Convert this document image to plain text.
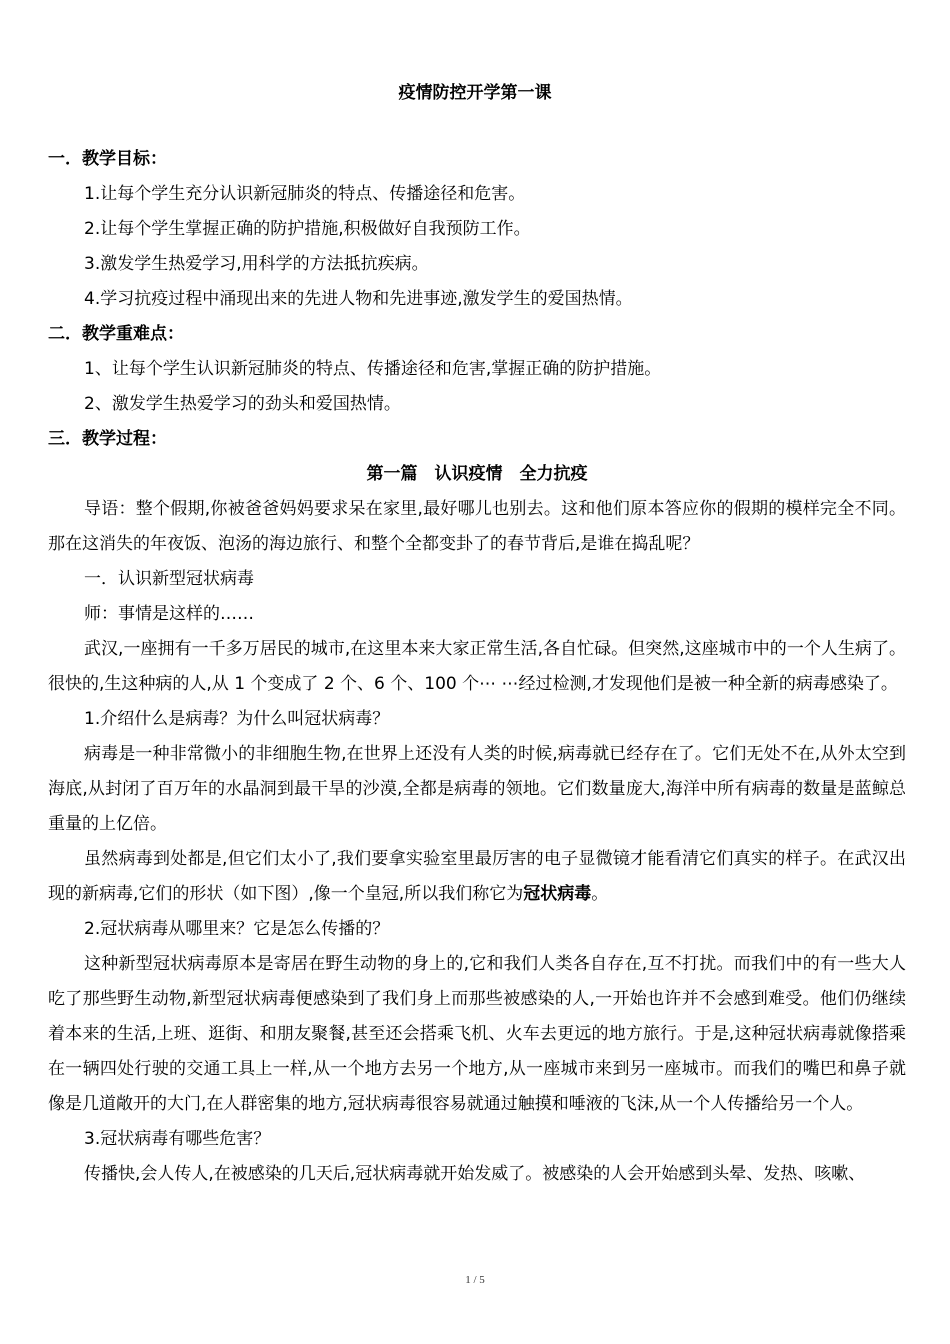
疫情防控开学第一课

一．教学目标：

1.让每个学生充分认识新冠肺炎的特点、传播途径和危害。

2.让每个学生掌握正确的防护措施,积极做好自我预防工作。

3.激发学生热爱学习,用科学的方法抵抗疾病。

4.学习抗疫过程中涌现出来的先进人物和先进事迹,激发学生的爱国热情。

二．教学重难点：

1、让每个学生认识新冠肺炎的特点、传播途径和危害,掌握正确的防护措施。

2、激发学生热爱学习的劲头和爱国热情。

三．教学过程：

第一篇　认识疫情　全力抗疫

导语：整个假期,你被爸爸妈妈要求呆在家里,最好哪儿也别去。这和他们原本答应你的假期的模样完全不同。那在这消失的年夜饭、泡汤的海边旅行、和整个全都变卦了的春节背后,是谁在捣乱呢？

一．认识新型冠状病毒

师：事情是这样的……

武汉,一座拥有一千多万居民的城市,在这里本来大家正常生活,各自忙碌。但突然,这座城市中的一个人生病了。很快的,生这种病的人,从 1 个变成了 2 个、6 个、100 个⋯ ⋯经过检测,才发现他们是被一种全新的病毒感染了。

1.介绍什么是病毒？为什么叫冠状病毒？

病毒是一种非常微小的非细胞生物,在世界上还没有人类的时候,病毒就已经存在了。它们无处不在,从外太空到海底,从封闭了百万年的水晶洞到最干旱的沙漠,全都是病毒的领地。它们数量庞大,海洋中所有病毒的数量是蓝鲸总重量的上亿倍。

虽然病毒到处都是,但它们太小了,我们要拿实验室里最厉害的电子显微镜才能看清它们真实的样子。在武汉出现的新病毒,它们的形状（如下图）,像一个皇冠,所以我们称它为冠状病毒。

2.冠状病毒从哪里来？它是怎么传播的？

这种新型冠状病毒原本是寄居在野生动物的身上的,它和我们人类各自存在,互不打扰。而我们中的有一些大人吃了那些野生动物,新型冠状病毒便感染到了我们身上而那些被感染的人,一开始也许并不会感到难受。他们仍继续着本来的生活,上班、逛街、和朋友聚餐,甚至还会搭乘飞机、火车去更远的地方旅行。于是,这种冠状病毒就像搭乘在一辆四处行驶的交通工具上一样,从一个地方去另一个地方,从一座城市来到另一座城市。而我们的嘴巴和鼻子就像是几道敞开的大门,在人群密集的地方,冠状病毒很容易就通过触摸和唾液的飞沫,从一个人传播给另一个人。

3.冠状病毒有哪些危害？

传播快,会人传人,在被感染的几天后,冠状病毒就开始发威了。被感染的人会开始感到头晕、发热、咳嗽、

1 / 5
